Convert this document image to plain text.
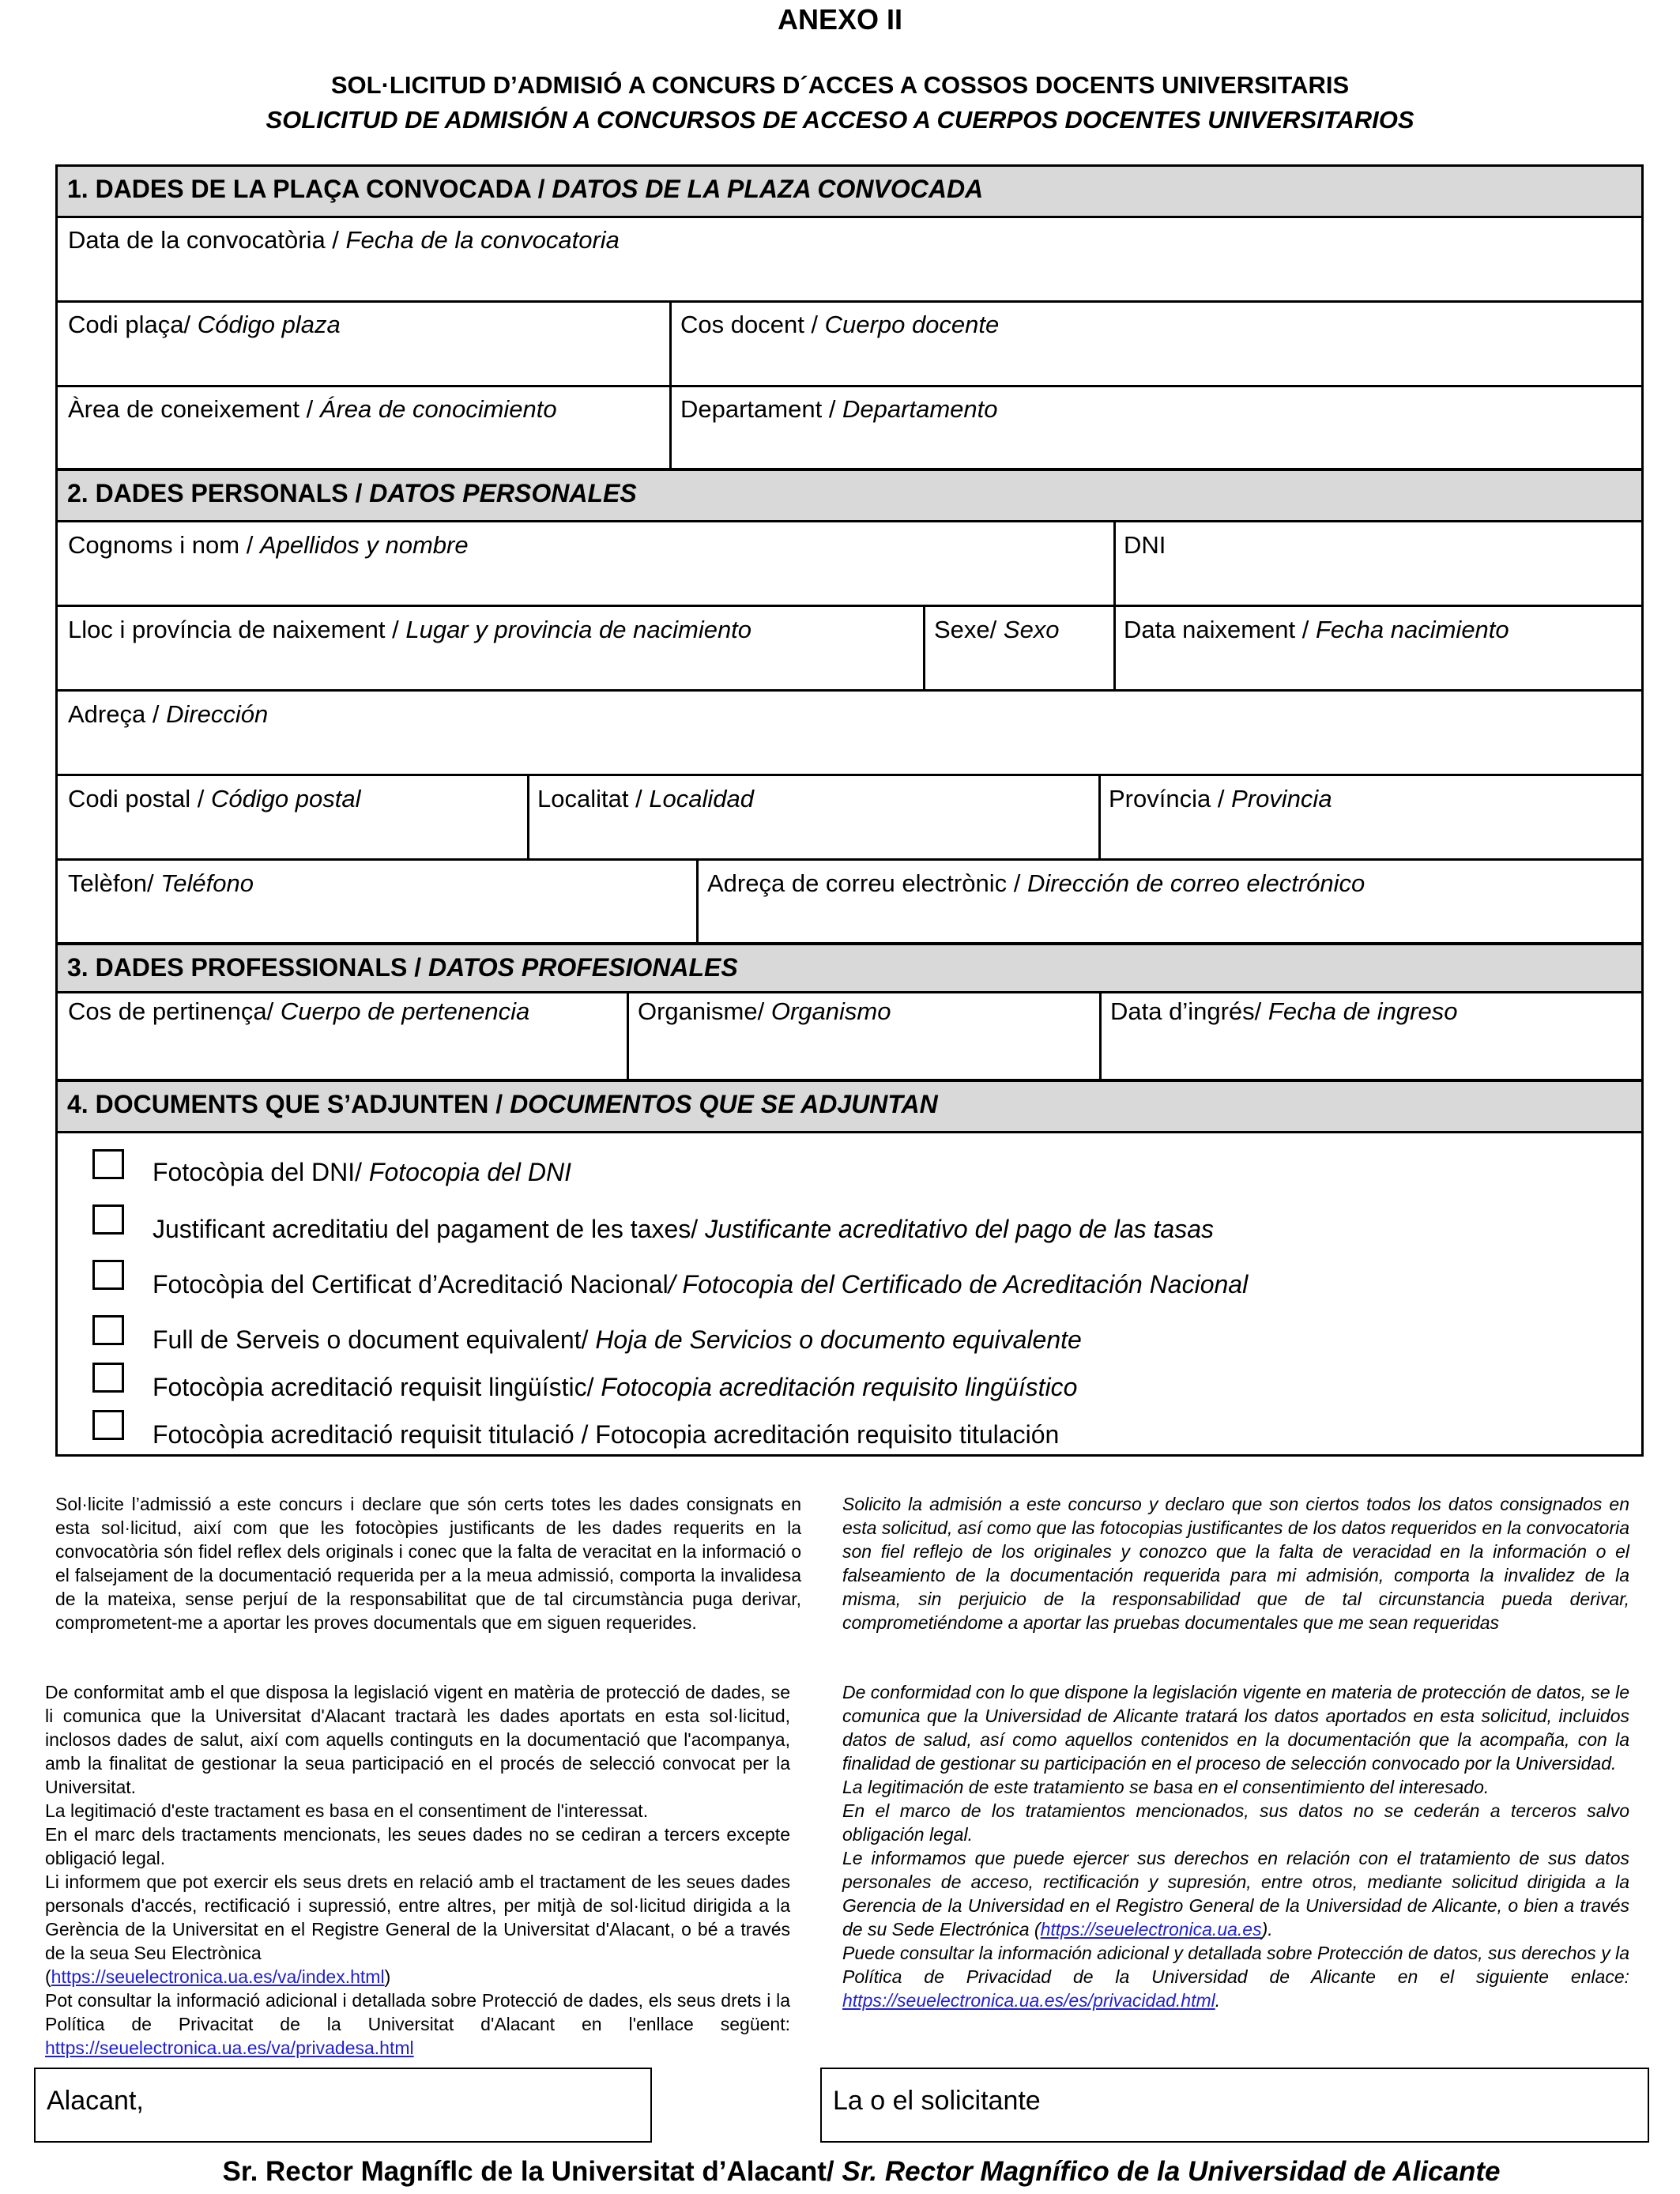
ANEXO II
SOL·LICITUD D’ADMISIÓ A CONCURS D´ACCES A COSSOS DOCENTS UNIVERSITARIS
SOLICITUD DE ADMISIÓN A CONCURSOS DE ACCESO A CUERPOS DOCENTES UNIVERSITARIOS
1. DADES DE LA PLAÇA CONVOCADA / DATOS DE LA PLAZA CONVOCADA
Data de la convocatòria / Fecha de la convocatoria
Codi plaça/ Código plaza	Cos docent / Cuerpo docente
Àrea de coneixement / Área de conocimiento	Departament / Departamento
2. DADES PERSONALS / DATOS PERSONALES
Cognoms i nom / Apellidos y nombre	DNI
Lloc i província de naixement / Lugar y provincia de nacimiento	Sexe/ Sexo	Data naixement / Fecha nacimiento
Adreça / Dirección
Codi postal / Código postal	Localitat / Localidad	Província / Provincia
Telèfon/ Teléfono	Adreça de correu electrònic / Dirección de correo electrónico
3. DADES PROFESSIONALS / DATOS PROFESIONALES
Cos de pertinença/ Cuerpo de pertenencia	Organisme/ Organismo	Data d’ingrés/ Fecha de ingreso
4. DOCUMENTS QUE S’ADJUNTEN / DOCUMENTOS QUE SE ADJUNTAN
Fotocòpia del DNI/ Fotocopia del DNI
Justificant acreditatiu del pagament de les taxes/ Justificante acreditativo del pago de las tasas
Fotocòpia del Certificat d’Acreditació Nacional/ Fotocopia del Certificado de Acreditación Nacional
Full de Serveis o document equivalent/ Hoja de Servicios o documento equivalente
Fotocòpia acreditació requisit lingüístic/ Fotocopia acreditación requisito lingüístico
Fotocòpia acreditació requisit titulació / Fotocopia acreditación requisito titulación
Sol·licite l’admissió a este concurs i declare que són certs totes les dades consignats en esta sol·licitud, així com que les fotocòpies justificants de les dades requerits en la convocatòria són fidel reflex dels originals i conec que la falta de veracitat en la informació o el falsejament de la documentació requerida per a la meua admissió, comporta la invalidesa de la mateixa, sense perjuí de la responsabilitat que de tal circumstància puga derivar, comprometent-me a aportar les proves documentals que em siguen requerides.
Solicito la admisión a este concurso y declaro que son ciertos todos los datos consignados en esta solicitud, así como que las fotocopias justificantes de los datos requeridos en la convocatoria son fiel reflejo de los originales y conozco que la falta de veracidad en la información o el falseamiento de la documentación requerida para mi admisión, comporta la invalidez de la misma, sin perjuicio de la responsabilidad que de tal circunstancia pueda derivar, comprometiéndome a aportar las pruebas documentales que me sean requeridas

De conformitat amb el que disposa la legislació vigent en matèria de protecció de dades, se li comunica que la Universitat d'Alacant tractarà les dades aportats en esta sol·licitud, inclosos dades de salut, així com aquells continguts en la documentació que l'acompanya, amb la finalitat de gestionar la seua participació en el procés de selecció convocat per la Universitat.

La legitimació d'este tractament es basa en el consentiment de l'interessat.

En el marc dels tractaments mencionats, les seues dades no se cediran a tercers excepte obligació legal.

Li informem que pot exercir els seus drets en relació amb el tractament de les seues dades personals d'accés, rectificació i supressió, entre altres, per mitjà de sol·licitud dirigida a la Gerència de la Universitat en el Registre General de la Universitat d'Alacant, o bé a través de la seua Seu Electrònica

(https://seuelectronica.ua.es/va/index.html)

Pot consultar la informació adicional i detallada sobre Protecció de dades, els seus drets i la Política de Privacitat de la Universitat d'Alacant en l'enllace següent: https://seuelectronica.ua.es/va/privadesa.html

De conformidad con lo que dispone la legislación vigente en materia de protección de datos, se le comunica que la Universidad de Alicante tratará los datos aportados en esta solicitud, incluidos datos de salud, así como aquellos contenidos en la documentación que la acompaña, con la finalidad de gestionar su participación en el proceso de selección convocado por la Universidad.

La legitimación de este tratamiento se basa en el consentimiento del interesado.

En el marco de los tratamientos mencionados, sus datos no se cederán a terceros salvo obligación legal.

Le informamos que puede ejercer sus derechos en relación con el tratamiento de sus datos personales de acceso, rectificación y supresión, entre otros, mediante solicitud dirigida a la Gerencia de la Universidad en el Registro General de la Universidad de Alicante, o bien a través de su Sede Electrónica (https://seuelectronica.ua.es).

Puede consultar la información adicional y detallada sobre Protección de datos, sus derechos y la Política de Privacidad de la Universidad de Alicante en el siguiente enlace: https://seuelectronica.ua.es/es/privacidad.html.

Alacant,	La o el solicitante
Sr. Rector Magníflc de la Universitat d’Alacant/ Sr. Rector Magnífico de la Universidad de Alicante
